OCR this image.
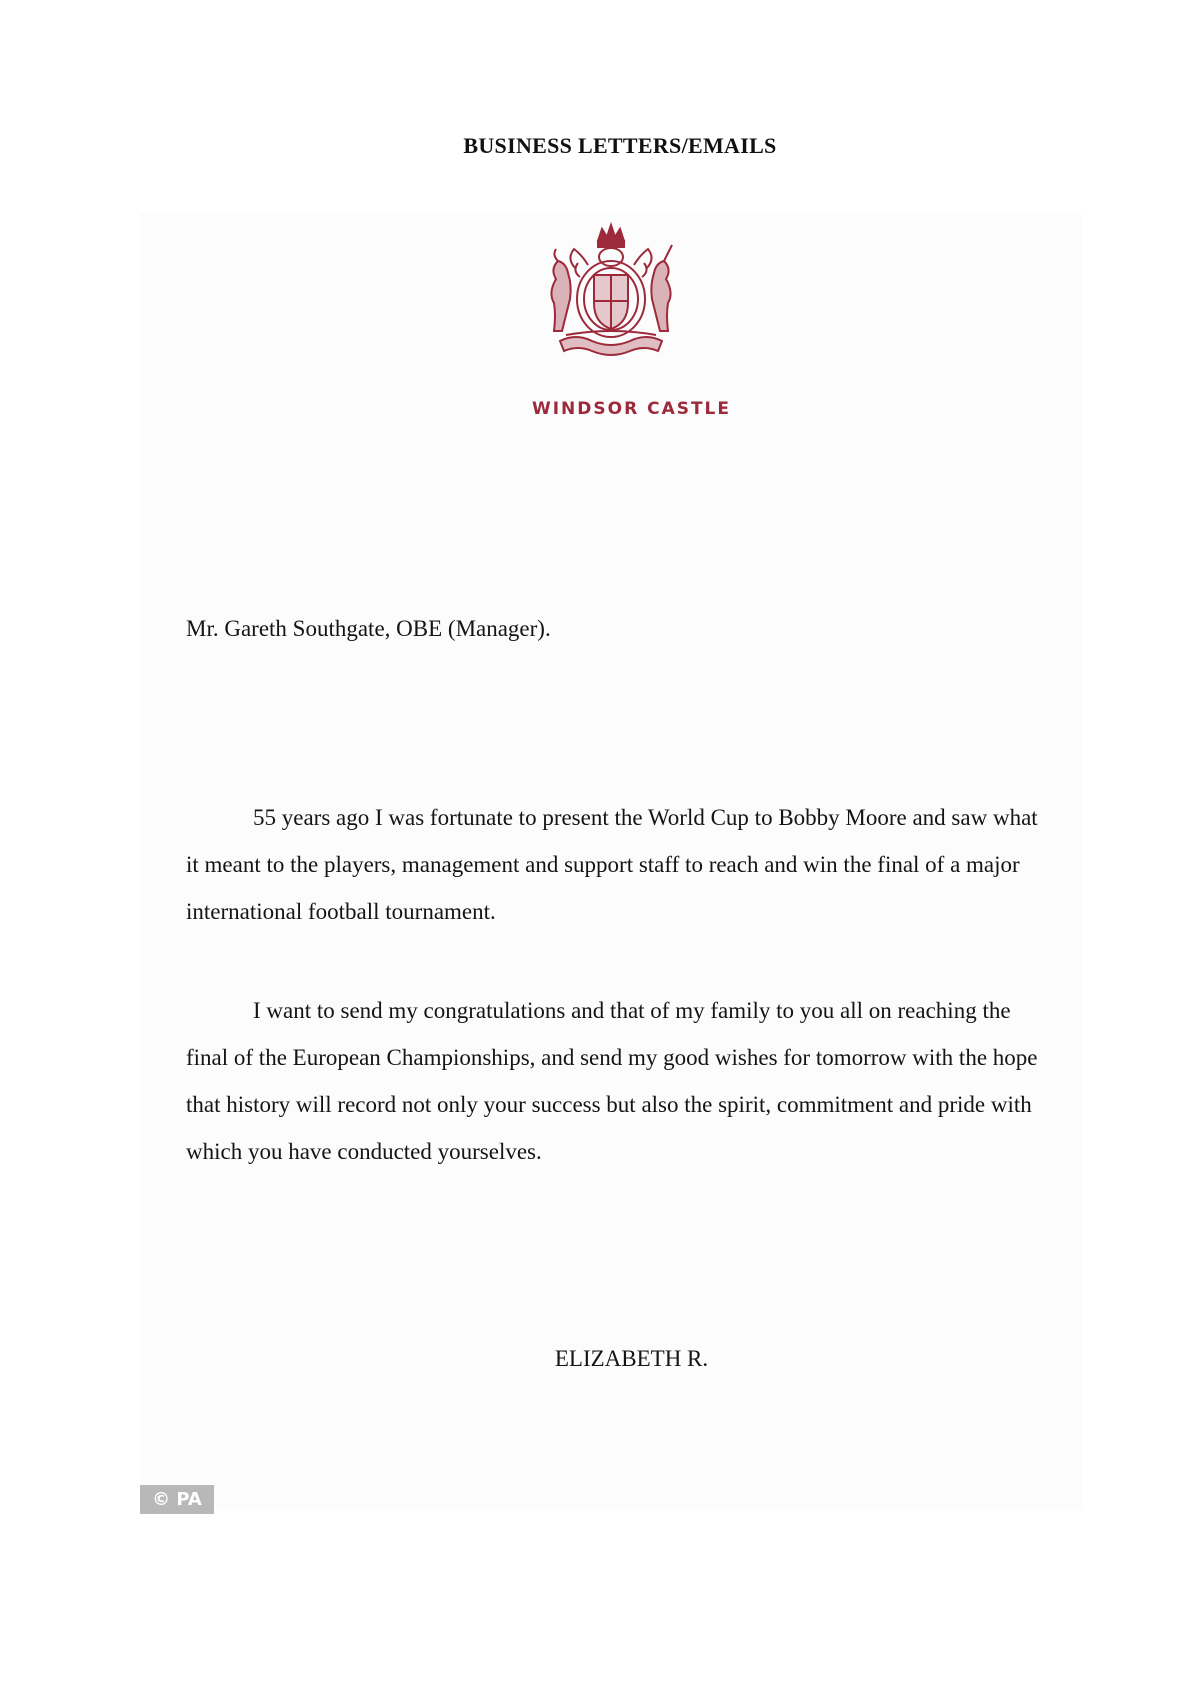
BUSINESS LETTERS/EMAILS
WINDSOR CASTLE
Mr. Gareth Southgate, OBE (Manager).

55 years ago I was fortunate to present the World Cup to Bobby Moore and saw what it meant to the players, management and support staff to reach and win the final of a major international football tournament.

I want to send my congratulations and that of my family to you all on reaching the final of the European Championships, and send my good wishes for tomorrow with the hope that history will record not only your success but also the spirit, commitment and pride with which you have conducted yourselves.

ELIZABETH R.
© PA
